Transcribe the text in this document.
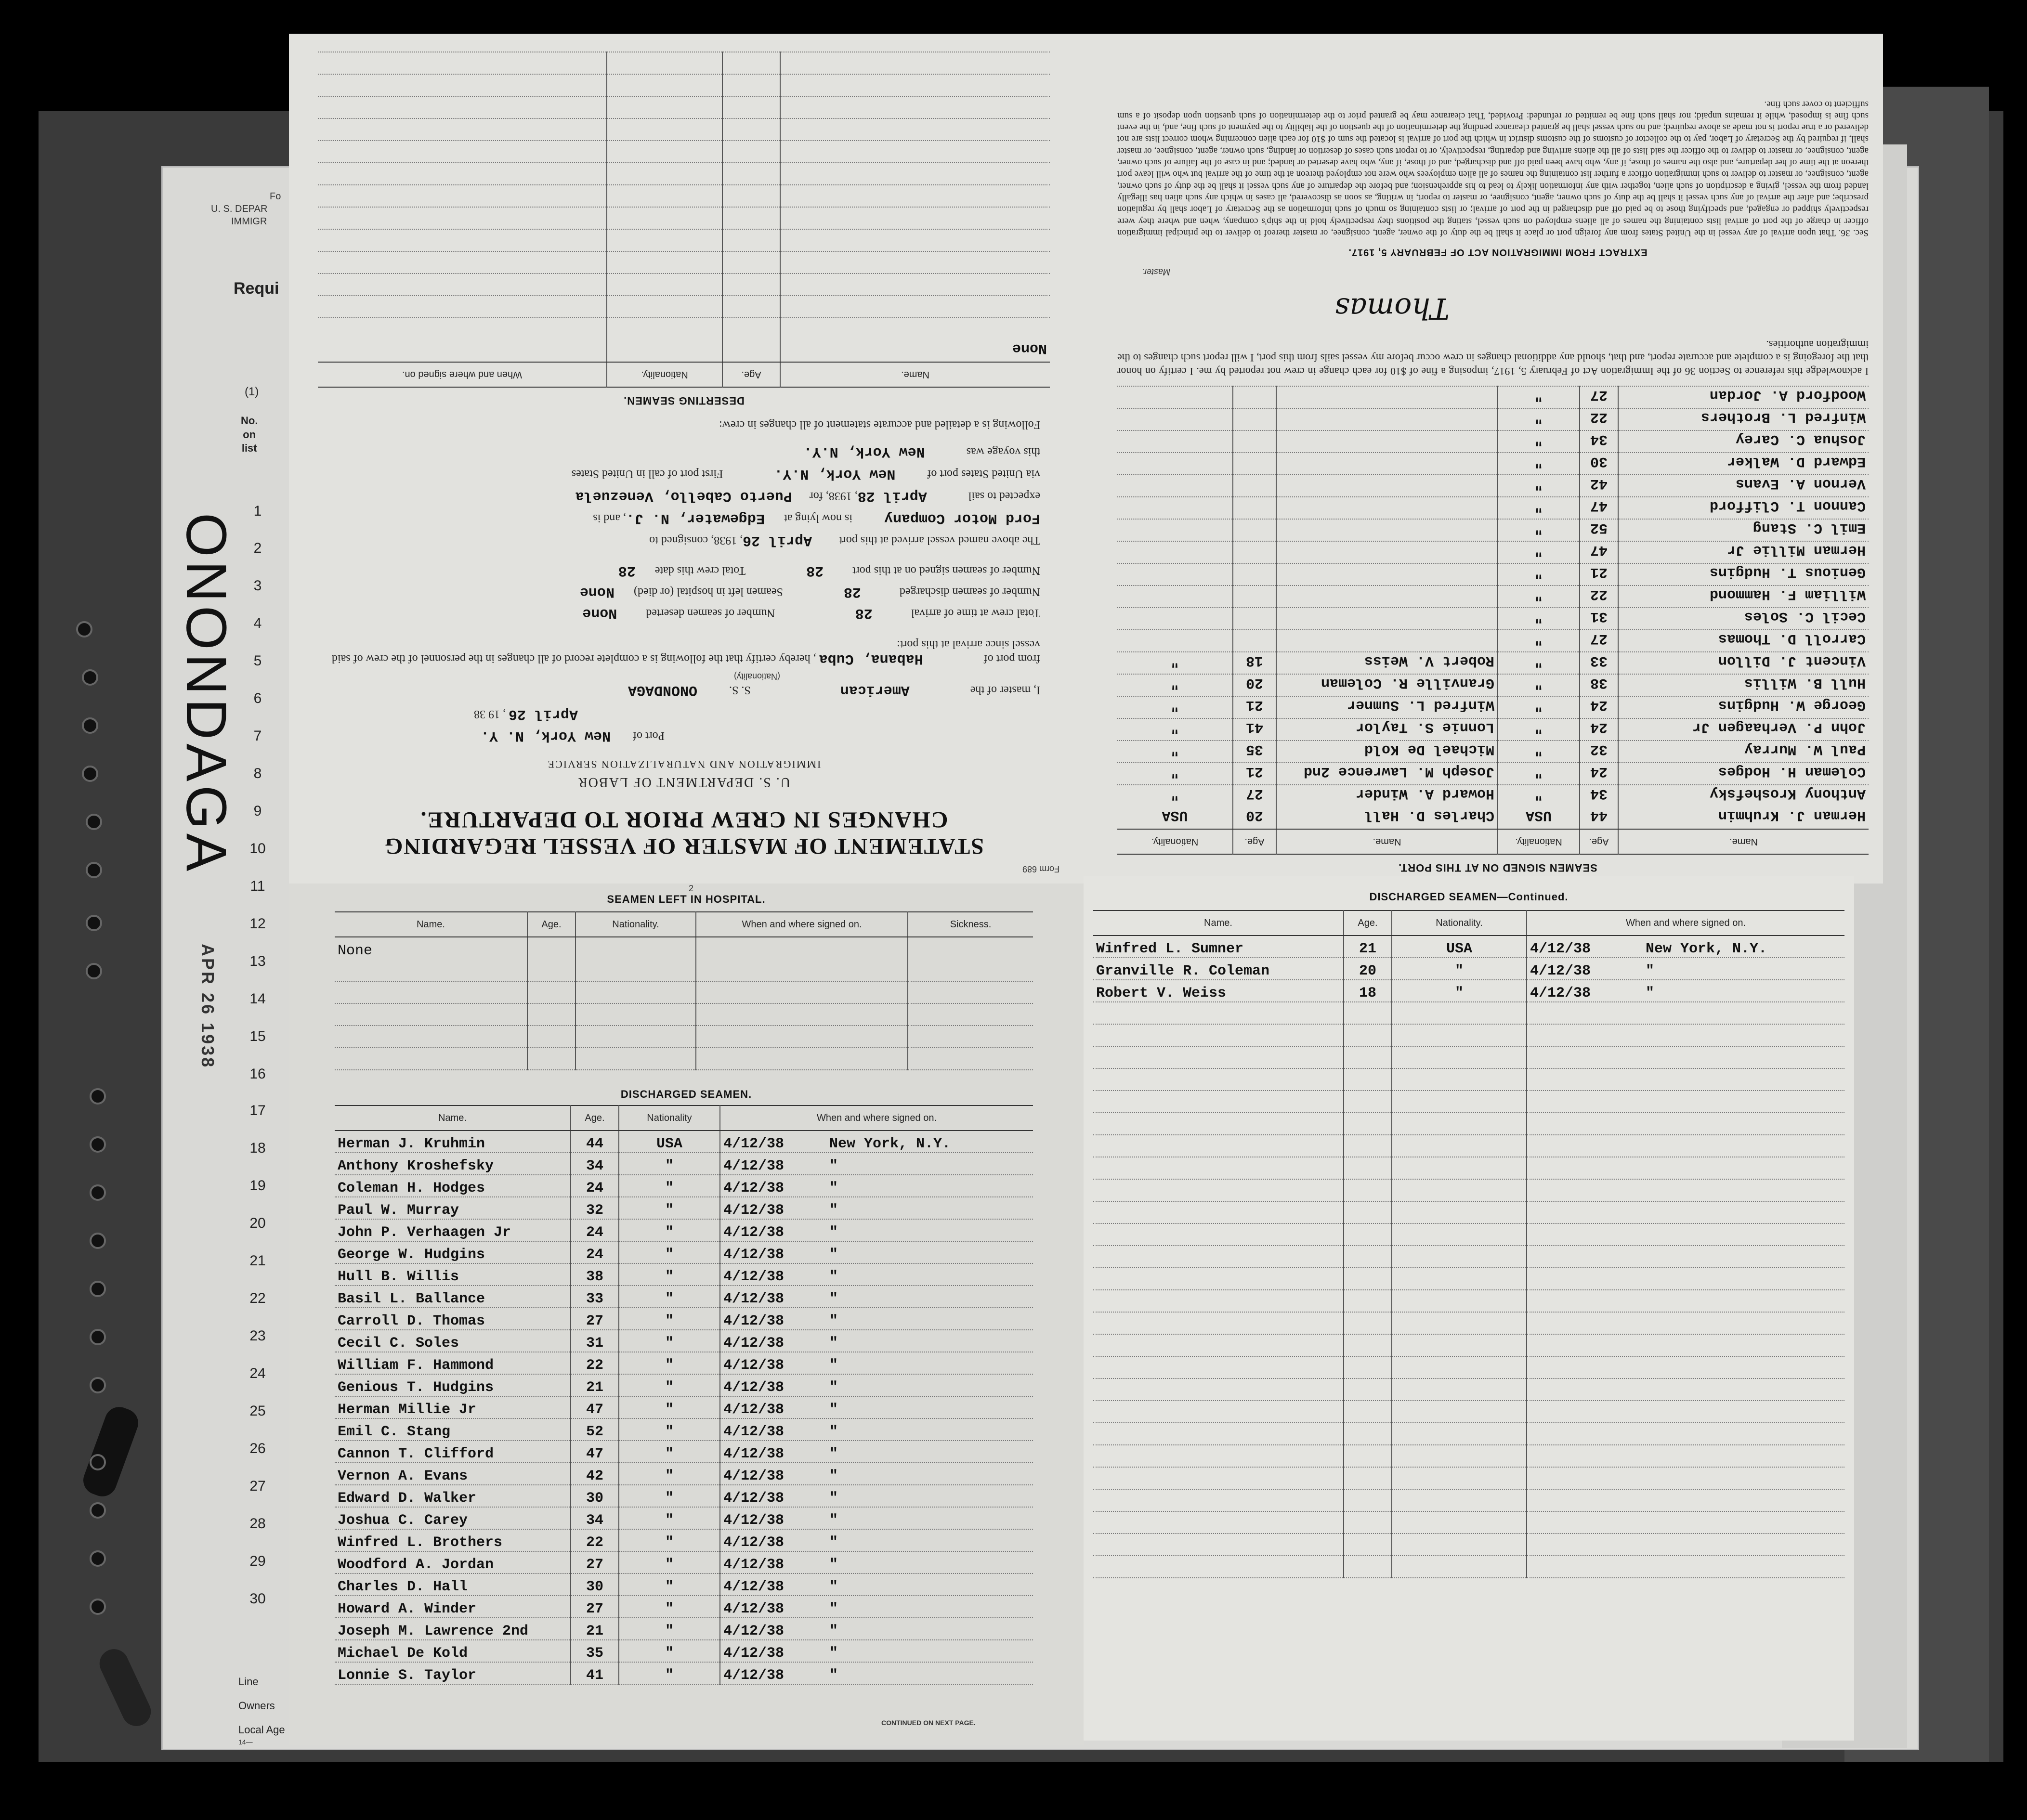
Fo
U. S. DEPAR
IMMIGR
Requi
(1)
No.
on
list
1
2
3
4
5
6
7
8
9
10
11
12
13
14
15
16
17
18
19
20
21
22
23
24
25
26
27
28
29
30
Line
Owners
Local Age
14—
ONONDAGA
APR 26 1938
Form 689
STATEMENT OF MASTER OF VESSEL REGARDING CHANGES IN CREW PRIOR TO DEPARTURE.
U. S. DEPARTMENT OF LABOR
IMMIGRATION AND NATURALIZATION SERVICE
Port of New York, N. Y.
April 26 , 19 38
I, master of the American S. S. ONONDAGA
(Nationality)
from port of Habana, Cuba , hereby certify that the following is a complete record of all changes in the personnel of the crew of said vessel since arrival at this port:
Total crew at time of arrival28 Number of seamen desertedNone
Number of seamen discharged28 Seamen left in hospital (or died)None
Number of seamen signed on at this port28 Total crew this date28
The above named vessel arrived at this port April 26, 1938, consigned to
Ford Motor Company is now lying atEdgewater, N. J., and is
expected to sail April 28, 1938, for Puerto Cabello, Venezuela
via United States port of New York, N.Y. First port of call in United States
this voyage was New York, N.Y.
Following is a detailed and accurate statement of all changes in crew:
DESERTING SEAMEN.
Name.	Age.	Nationality.	When and where signed on.
None			

SEAMEN SIGNED ON AT THIS PORT.
Name.	Age.	Nationality.	Name.	Age.	Nationality.
Herman J. Kruhmin	44	USA	Charles D. Hall	20	USA
Anthony Kroshefsky	34	"	Howard A. Winder	27	"
Coleman H. Hodges	24	"	Joseph M. Lawrence 2nd	21	"
Paul W. Murray	32	"	Michael De Kold	35	"
John P. Verhaagen Jr	24	"	Lonnie S. Taylor	41	"
George W. Hudgins	24	"	Winfred L. Sumner	21	"
Hull B. Willis	38	"	Granville R. Coleman	20	"
Vincent J. Dillon	33	"	Robert V. Weiss	18	"
Carroll D. Thomas	27	"			
Cecil C. Soles	31	"			
William F. Hammond	22	"			
Genious T. Hudgins	21	"			
Herman Millie Jr	47	"			
Emil C. Stang	52	"			
Cannon T. Clifford	47	"			
Vernon A. Evans	42	"			
Edward D. Walker	30	"			
Joshua C. Carey	34	"			
Winfred L. Brothers	22	"			
Woodford A. Jordan	27	"			
I acknowledge this reference to Section 36 of the Immigration Act of February 5, 1917, imposing a fine of $10 for each change in crew not reported by me. I certify on honor that the foregoing is a complete and accurate report, and that, should any additional changes in crew occur before my vessel sails from this port, I will report such changes to the immigration authorities.
Thomas
Master.
EXTRACT FROM IMMIGRATION ACT OF FEBRUARY 5, 1917.
Sec. 36. That upon arrival of any vessel in the United States from any foreign port or place it shall be the duty of the owner, agent, consignee, or master thereof to deliver to the principal immigration officer in charge of the port of arrival lists containing the names of all aliens employed on such vessel, stating the positions they respectively hold in the ship's company, when and where they were respectively shipped or engaged, and specifying those to be paid off and discharged in the port of arrival; or lists containing so much of such information as the Secretary of Labor shall by regulation prescribe; and after the arrival of any such vessel it shall be the duty of such owner, agent, consignee, or master to report, in writing, as soon as discovered, all cases in which any such alien has illegally landed from the vessel, giving a description of such alien, together with any information likely to lead to his apprehension; and before the departure of any such vessel it shall be the duty of such owner, agent, consignee, or master to deliver to such immigration officer a further list containing the names of all alien employees who were not employed thereon at the time of the arrival but who will leave port thereon at the time of her departure, and also the names of those, if any, who have been paid off and discharged, and of those, if any, who have deserted or landed; and in case of the failure of such owner, agent, consignee, or master to deliver to the officer the said lists of all the aliens arriving and departing, respectively, or to report such cases of desertion or landing, such owner, agent, consignee, or master shall, if required by the Secretary of Labor, pay to the collector of customs of the customs district in which the port of arrival is located the sum of $10 for each alien concerning whom correct lists are not delivered or a true report is not made as above required; and no such vessel shall be granted clearance pending the determination of the question of the liability to the payment of such fine, and, in the event such fine is imposed, while it remains unpaid; nor shall such fine be remitted or refunded: Provided, That clearance may be granted prior to the determination of such question upon deposit of a sum sufficient to cover such fine.
2
SEAMEN LEFT IN HOSPITAL.
Name.	Age.	Nationality.	When and where signed on.	Sickness.
None				

DISCHARGED SEAMEN.
Name.	Age.	Nationality	When and where signed on.
Herman J. Kruhmin	44	USA	4/12/38 New York, N.Y.
Anthony Kroshefsky	34	"	4/12/38 "
Coleman H. Hodges	24	"	4/12/38 "
Paul W. Murray	32	"	4/12/38 "
John P. Verhaagen Jr	24	"	4/12/38 "
George W. Hudgins	24	"	4/12/38 "
Hull B. Willis	38	"	4/12/38 "
Basil L. Ballance	33	"	4/12/38 "
Carroll D. Thomas	27	"	4/12/38 "
Cecil C. Soles	31	"	4/12/38 "
William F. Hammond	22	"	4/12/38 "
Genious T. Hudgins	21	"	4/12/38 "
Herman Millie Jr	47	"	4/12/38 "
Emil C. Stang	52	"	4/12/38 "
Cannon T. Clifford	47	"	4/12/38 "
Vernon A. Evans	42	"	4/12/38 "
Edward D. Walker	30	"	4/12/38 "
Joshua C. Carey	34	"	4/12/38 "
Winfred L. Brothers	22	"	4/12/38 "
Woodford A. Jordan	27	"	4/12/38 "
Charles D. Hall	30	"	4/12/38 "
Howard A. Winder	27	"	4/12/38 "
Joseph M. Lawrence 2nd	21	"	4/12/38 "
Michael De Kold	35	"	4/12/38 "
Lonnie S. Taylor	41	"	4/12/38 "
CONTINUED ON NEXT PAGE.
DISCHARGED SEAMEN—Continued.
Name.	Age.	Nationality.	When and where signed on.
Winfred L. Sumner	21	USA	4/12/38 New York, N.Y.
Granville R. Coleman	20	"	4/12/38 "
Robert V. Weiss	18	"	4/12/38 "
